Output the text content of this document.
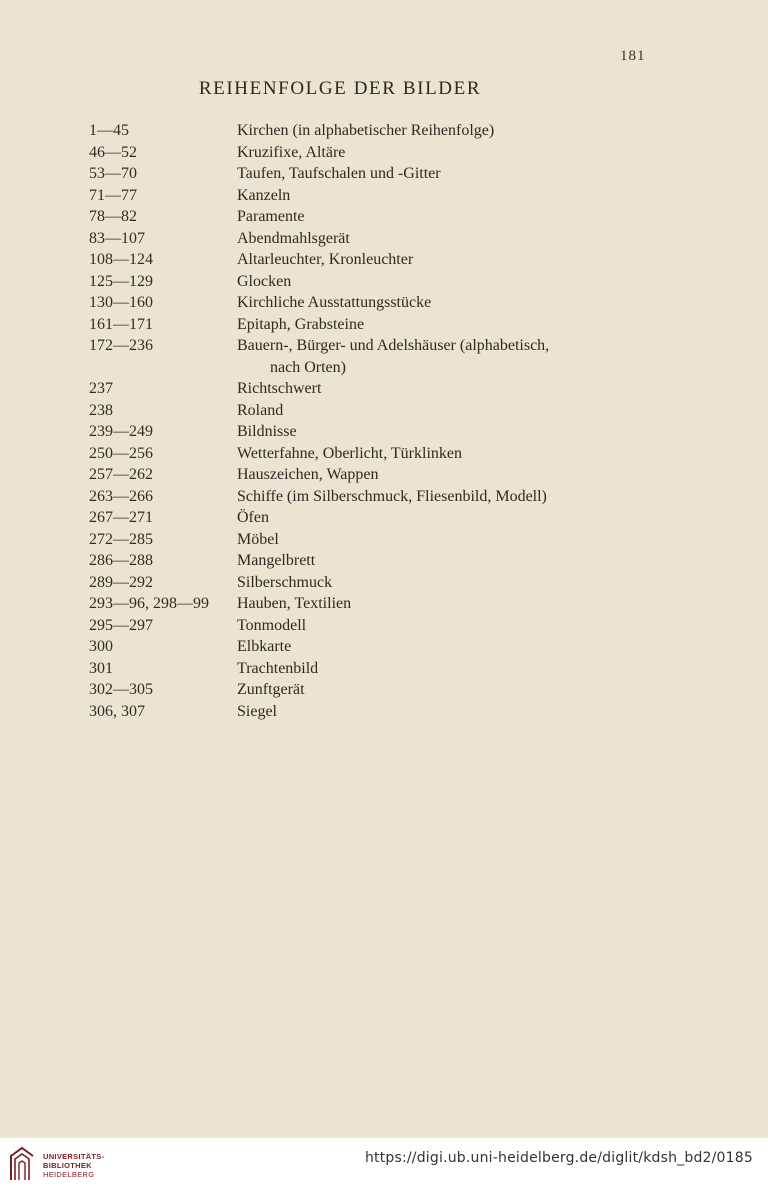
181
REIHENFOLGE DER BILDER
1—45	Kirchen (in alphabetischer Reihenfolge)
46—52	Kruzifixe, Altäre
53—70	Taufen, Taufschalen und -Gitter
71—77	Kanzeln
78—82	Paramente
83—107	Abendmahlsgerät
108—124	Altarleuchter, Kronleuchter
125—129	Glocken
130—160	Kirchliche Ausstattungsstücke
161—171	Epitaph, Grabsteine
172—236	Bauern-, Bürger- und Adelshäuser (alphabetisch,
nach Orten)
237	Richtschwert
238	Roland
239—249	Bildnisse
250—256	Wetterfahne, Oberlicht, Türklinken
257—262	Hauszeichen, Wappen
263—266	Schiffe (im Silberschmuck, Fliesenbild, Modell)
267—271	Öfen
272—285	Möbel
286—288	Mangelbrett
289—292	Silberschmuck
293—96, 298—99	Hauben, Textilien
295—297	Tonmodell
300	Elbkarte
301	Trachtenbild
302—305	Zunftgerät
306, 307	Siegel
UNIVERSITÄTS-
BIBLIOTHEK
HEIDELBERG
https://digi.ub.uni-heidelberg.de/diglit/kdsh_bd2/0185
